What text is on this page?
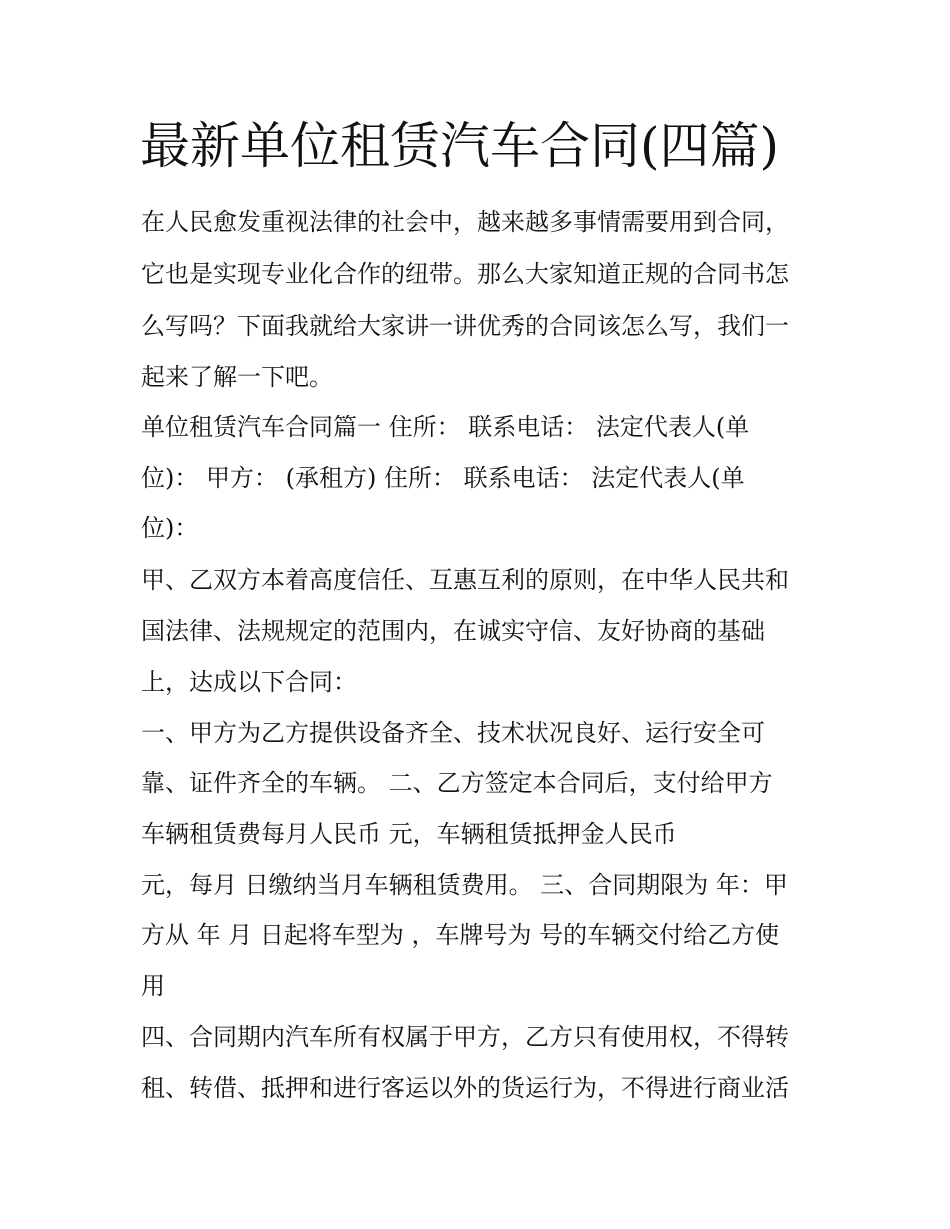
最新单位租赁汽车合同(四篇)
在人民愈发重视法律的社会中，越来越多事情需要用到合同，
它也是实现专业化合作的纽带。那么大家知道正规的合同书怎
么写吗？下面我就给大家讲一讲优秀的合同该怎么写，我们一
起来了解一下吧。
单位租赁汽车合同篇一 住所： 联系电话： 法定代表人(单
位)： 甲方： (承租方) 住所： 联系电话： 法定代表人(单
位)：
甲、乙双方本着高度信任、互惠互利的原则，在中华人民共和
国法律、法规规定的范围内，在诚实守信、友好协商的基础
上，达成以下合同：
一、甲方为乙方提供设备齐全、技术状况良好、运行安全可
靠、证件齐全的车辆。 二、乙方签定本合同后，支付给甲方
车辆租赁费每月人民币 元，车辆租赁抵押金人民币
元，每月 日缴纳当月车辆租赁费用。 三、合同期限为 年：甲
方从 年 月 日起将车型为 ，车牌号为 号的车辆交付给乙方使
用
四、合同期内汽车所有权属于甲方，乙方只有使用权，不得转
租、转借、抵押和进行客运以外的货运行为，不得进行商业活
